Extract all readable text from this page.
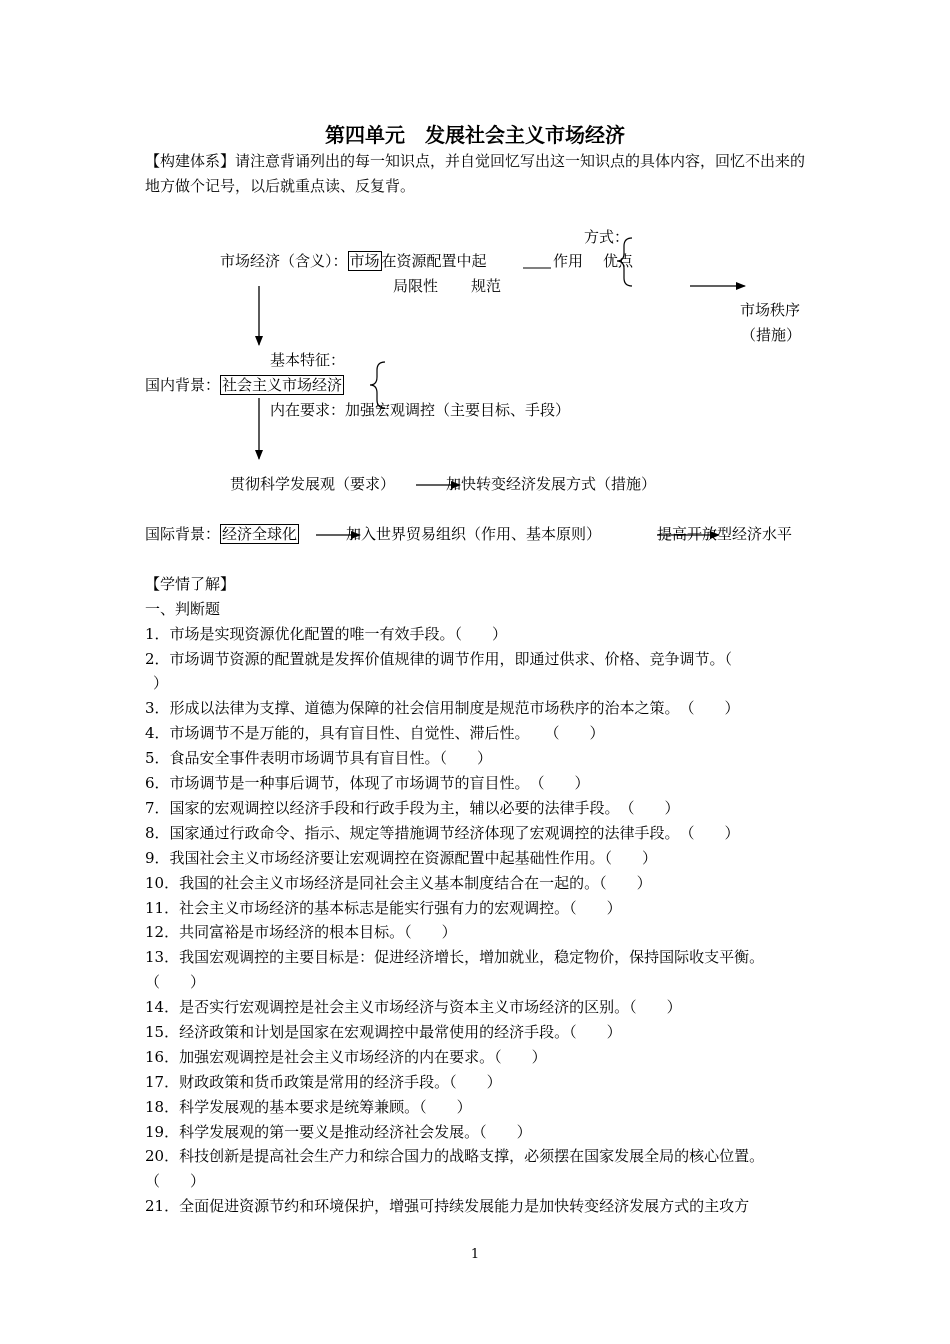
第四单元　发展社会主义市场经济
【构建体系】请注意背诵列出的每一知识点，并自觉回忆写出这一知识点的具体内容，回忆不出来的地方做个记号，以后就重点读、反复背。
方式：
市场经济（含义）： 市场 在资源配置中起	作用 优点
局限性 规范
市场秩序
（措施）
基本特征：
国内背景： 社会主义市场经济
内在要求：加强宏观调控（主要目标、手段）
贯彻科学发展观（要求）	加快转变经济发展方式（措施）
国际背景： 经济全球化	加入世界贸易组织（作用、基本原则）	提高开放型经济水平
【学情了解】
一、判断题
1．市场是实现资源优化配置的唯一有效手段。（　　）
2．市场调节资源的配置就是发挥价值规律的调节作用，即通过供求、价格、竞争调节。（
）
3．形成以法律为支撑、道德为保障的社会信用制度是规范市场秩序的治本之策。　（　　）
4．市场调节不是万能的，具有盲目性、自觉性、滞后性。　　（　　）
5．食品安全事件表明市场调节具有盲目性。（　　）
6．市场调节是一种事后调节，体现了市场调节的盲目性。　（　　）
7．国家的宏观调控以经济手段和行政手段为主，辅以必要的法律手段。　（　　）
8．国家通过行政命令、指示、规定等措施调节经济体现了宏观调控的法律手段。　（　　）
9．我国社会主义市场经济要让宏观调控在资源配置中起基础性作用。（　　）
10．我国的社会主义市场经济是同社会主义基本制度结合在一起的。（　　）
11．社会主义市场经济的基本标志是能实行强有力的宏观调控。（　　）
12．共同富裕是市场经济的根本目标。（　　）
13．我国宏观调控的主要目标是：促进经济增长，增加就业，稳定物价，保持国际收支平衡。
（　　）
14．是否实行宏观调控是社会主义市场经济与资本主义市场经济的区别。（　　）
15．经济政策和计划是国家在宏观调控中最常使用的经济手段。（　　）
16．加强宏观调控是社会主义市场经济的内在要求。（　　）
17．财政政策和货币政策是常用的经济手段。（　　）
18．科学发展观的基本要求是统筹兼顾。（　　）
19．科学发展观的第一要义是推动经济社会发展。（　　）
20．科技创新是提高社会生产力和综合国力的战略支撑，必须摆在国家发展全局的核心位置。
（　　）
21．全面促进资源节约和环境保护，增强可持续发展能力是加快转变经济发展方式的主攻方
1
